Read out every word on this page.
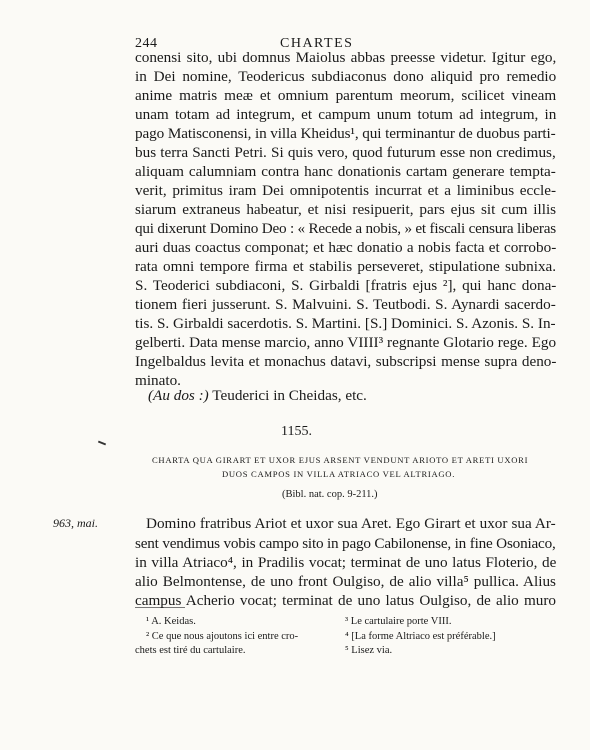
244	CHARTES
(Au dos :) Teuderici in Cheidas, etc.
1155.
(Bibl. nat. cop. 9-211.)
963, mai.
conensi sito, ubi domnus Maiolus abbas preesse videtur. Igitur ego,
in Dei nomine, Teodericus subdiaconus dono aliquid pro remedio
anime matris meæ et omnium parentum meorum, scilicet vineam
unam totam ad integrum, et campum unum totum ad integrum, in
pago Matisconensi, in villa Kheidus¹, qui terminantur de duobus parti-
bus terra Sancti Petri. Si quis vero, quod futurum esse non credimus,
aliquam calumniam contra hanc donationis cartam generare tempta-
verit, primitus iram Dei omnipotentis incurrat et a liminibus eccle-
siarum extraneus habeatur, et nisi resipuerit, pars ejus sit cum illis
qui dixerunt Domino Deo : « Recede a nobis, » et fiscali censura liberas
auri duas coactus componat; et hæc donatio a nobis facta et corrobo-
rata omni tempore firma et stabilis perseveret, stipulatione subnixa.
S. Teoderici subdiaconi, S. Girbaldi [fratris ejus ²], qui hanc dona-
tionem fieri jusserunt. S. Malvuini. S. Teutbodi. S. Aynardi sacerdo-
tis. S. Girbaldi sacerdotis. S. Martini. [S.] Dominici. S. Azonis. S. In-
gelberti. Data mense marcio, anno VIIII³ regnante Glotario rege. Ego
Ingelbaldus levita et monachus datavi, subscripsi mense supra deno-
minato.
CHARTA QUA GIRART ET UXOR EJUS ARSENT VENDUNT ARIOTO ET ARETI UXORI
DUOS CAMPOS IN VILLA ATRIACO VEL ALTRIAGO.
Domino fratribus Ariot et uxor sua Aret. Ego Girart et uxor sua Ar-
sent vendimus vobis campo sito in pago Cabilonense, in fine Osoniaco,
in villa Atriaco⁴, in Pradilis vocat; terminat de uno latus Floterio, de
alio Belmontense, de uno front Oulgiso, de alio villa⁵ pullica. Alius
campus Acherio vocat; terminat de uno latus Oulgiso, de alio muro
¹ A. Keidas.
² Ce que nous ajoutons ici entre cro-
chets est tiré du cartulaire.
³ Le cartulaire porte VIII.
⁴ [La forme Altriaco est préférable.]
⁵ Lisez via.
